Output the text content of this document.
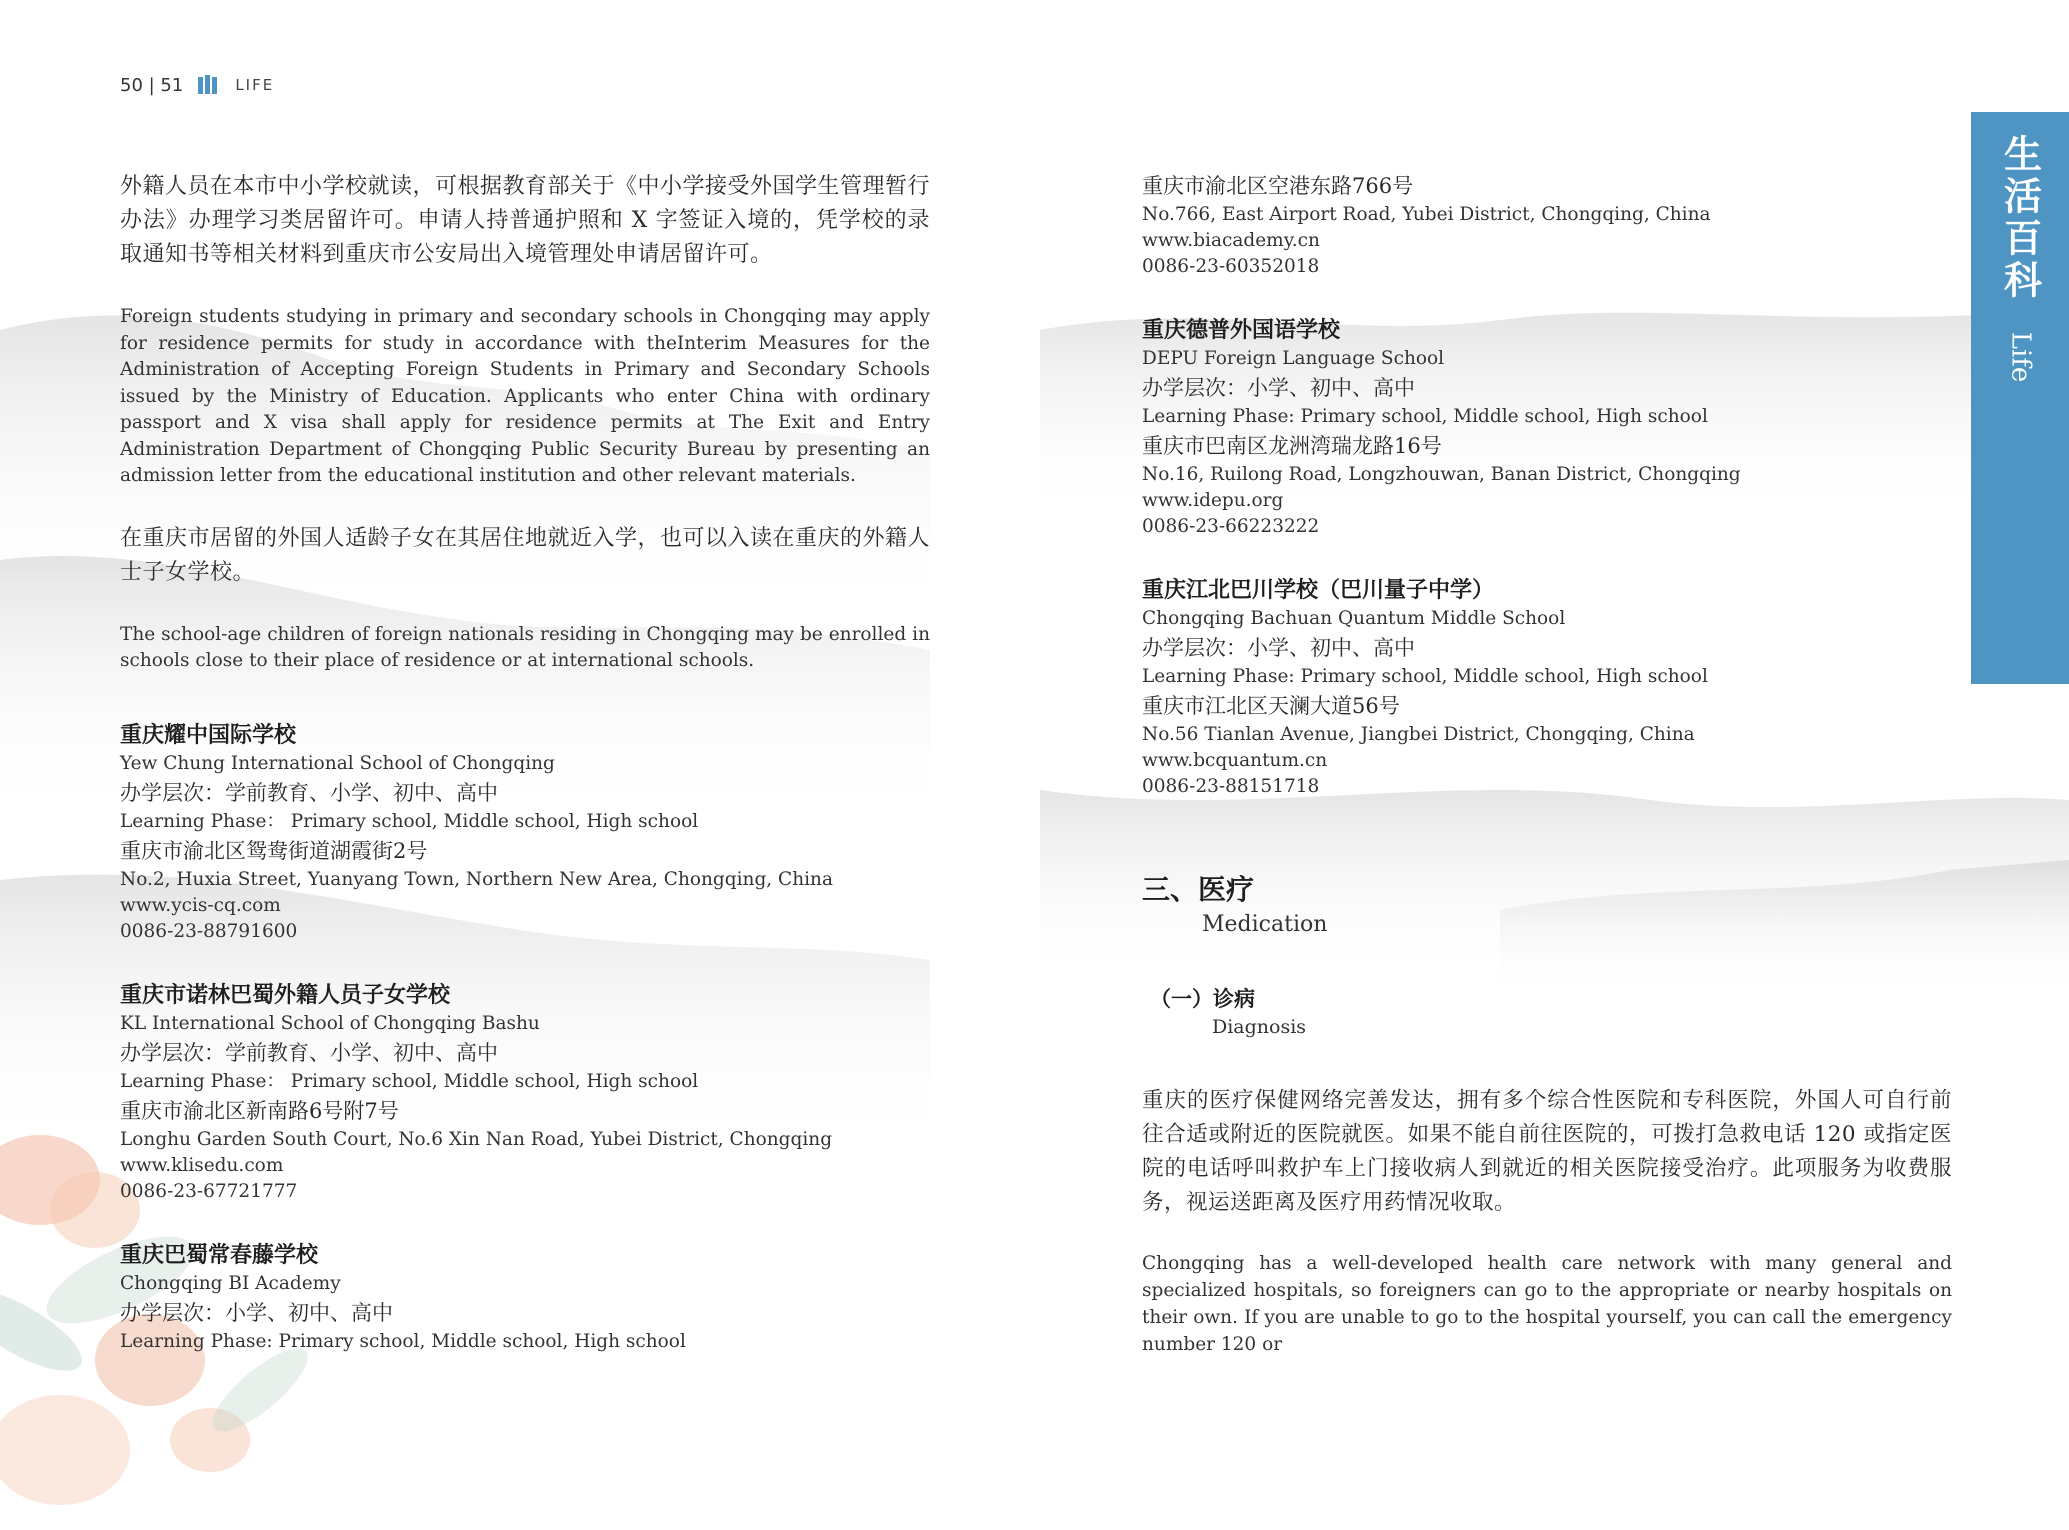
50 | 51	LIFE
生活百科
Life

外籍人员在本市中小学校就读，可根据教育部关于《中小学接受外国学生管理暂行办法》办理学习类居留许可。申请人持普通护照和 X 字签证入境的，凭学校的录取通知书等相关材料到重庆市公安局出入境管理处申请居留许可。

Foreign students studying in primary and secondary schools in Chongqing may apply for residence permits for study in accordance with theInterim Measures for the Administration of Accepting Foreign Students in Primary and Secondary Schools issued by the Ministry of Education. Applicants who enter China with ordinary passport and X visa shall apply for residence permits at The Exit and Entry Administration Department of Chongqing Public Security Bureau by presenting an admission letter from the educational institution and other relevant materials.

在重庆市居留的外国人适龄子女在其居住地就近入学，也可以入读在重庆的外籍人士子女学校。

The school-age children of foreign nationals residing in Chongqing may be enrolled in schools close to their place of residence or at international schools.

重庆耀中国际学校
Yew Chung International School of Chongqing
办学层次：学前教育、小学、初中、高中
Learning Phase： Primary school, Middle school, High school
重庆市渝北区鸳鸯街道湖霞街2号
No.2, Huxia Street, Yuanyang Town, Northern New Area, Chongqing, China
www.ycis-cq.com
0086-23-88791600
重庆市诺林巴蜀外籍人员子女学校
KL International School of Chongqing Bashu
办学层次：学前教育、小学、初中、高中
Learning Phase： Primary school, Middle school, High school
重庆市渝北区新南路6号附7号
Longhu Garden South Court, No.6 Xin Nan Road, Yubei District, Chongqing
www.klisedu.com
0086-23-67721777
重庆巴蜀常春藤学校
Chongqing BI Academy
办学层次：小学、初中、高中
Learning Phase: Primary school, Middle school, High school
重庆市渝北区空港东路766号
No.766, East Airport Road, Yubei District, Chongqing, China
www.biacademy.cn
0086-23-60352018
重庆德普外国语学校
DEPU Foreign Language School
办学层次：小学、初中、高中
Learning Phase: Primary school, Middle school, High school
重庆市巴南区龙洲湾瑞龙路16号
No.16, Ruilong Road, Longzhouwan, Banan District, Chongqing
www.idepu.org
0086-23-66223222
重庆江北巴川学校（巴川量子中学）
Chongqing Bachuan Quantum Middle School
办学层次：小学、初中、高中
Learning Phase: Primary school, Middle school, High school
重庆市江北区天澜大道56号
No.56 Tianlan Avenue, Jiangbei District, Chongqing, China
www.bcquantum.cn
0086-23-88151718
三、医疗
Medication
（一）诊病
Diagnosis

重庆的医疗保健网络完善发达，拥有多个综合性医院和专科医院，外国人可自行前往合适或附近的医院就医。如果不能自前往医院的，可拨打急救电话 120 或指定医院的电话呼叫救护车上门接收病人到就近的相关医院接受治疗。此项服务为收费服务，视运送距离及医疗用药情况收取。

Chongqing has a well-developed health care network with many general and specialized hospitals, so foreigners can go to the appropriate or nearby hospitals on their own. If you are unable to go to the hospital yourself, you can call the emergency number 120 or
